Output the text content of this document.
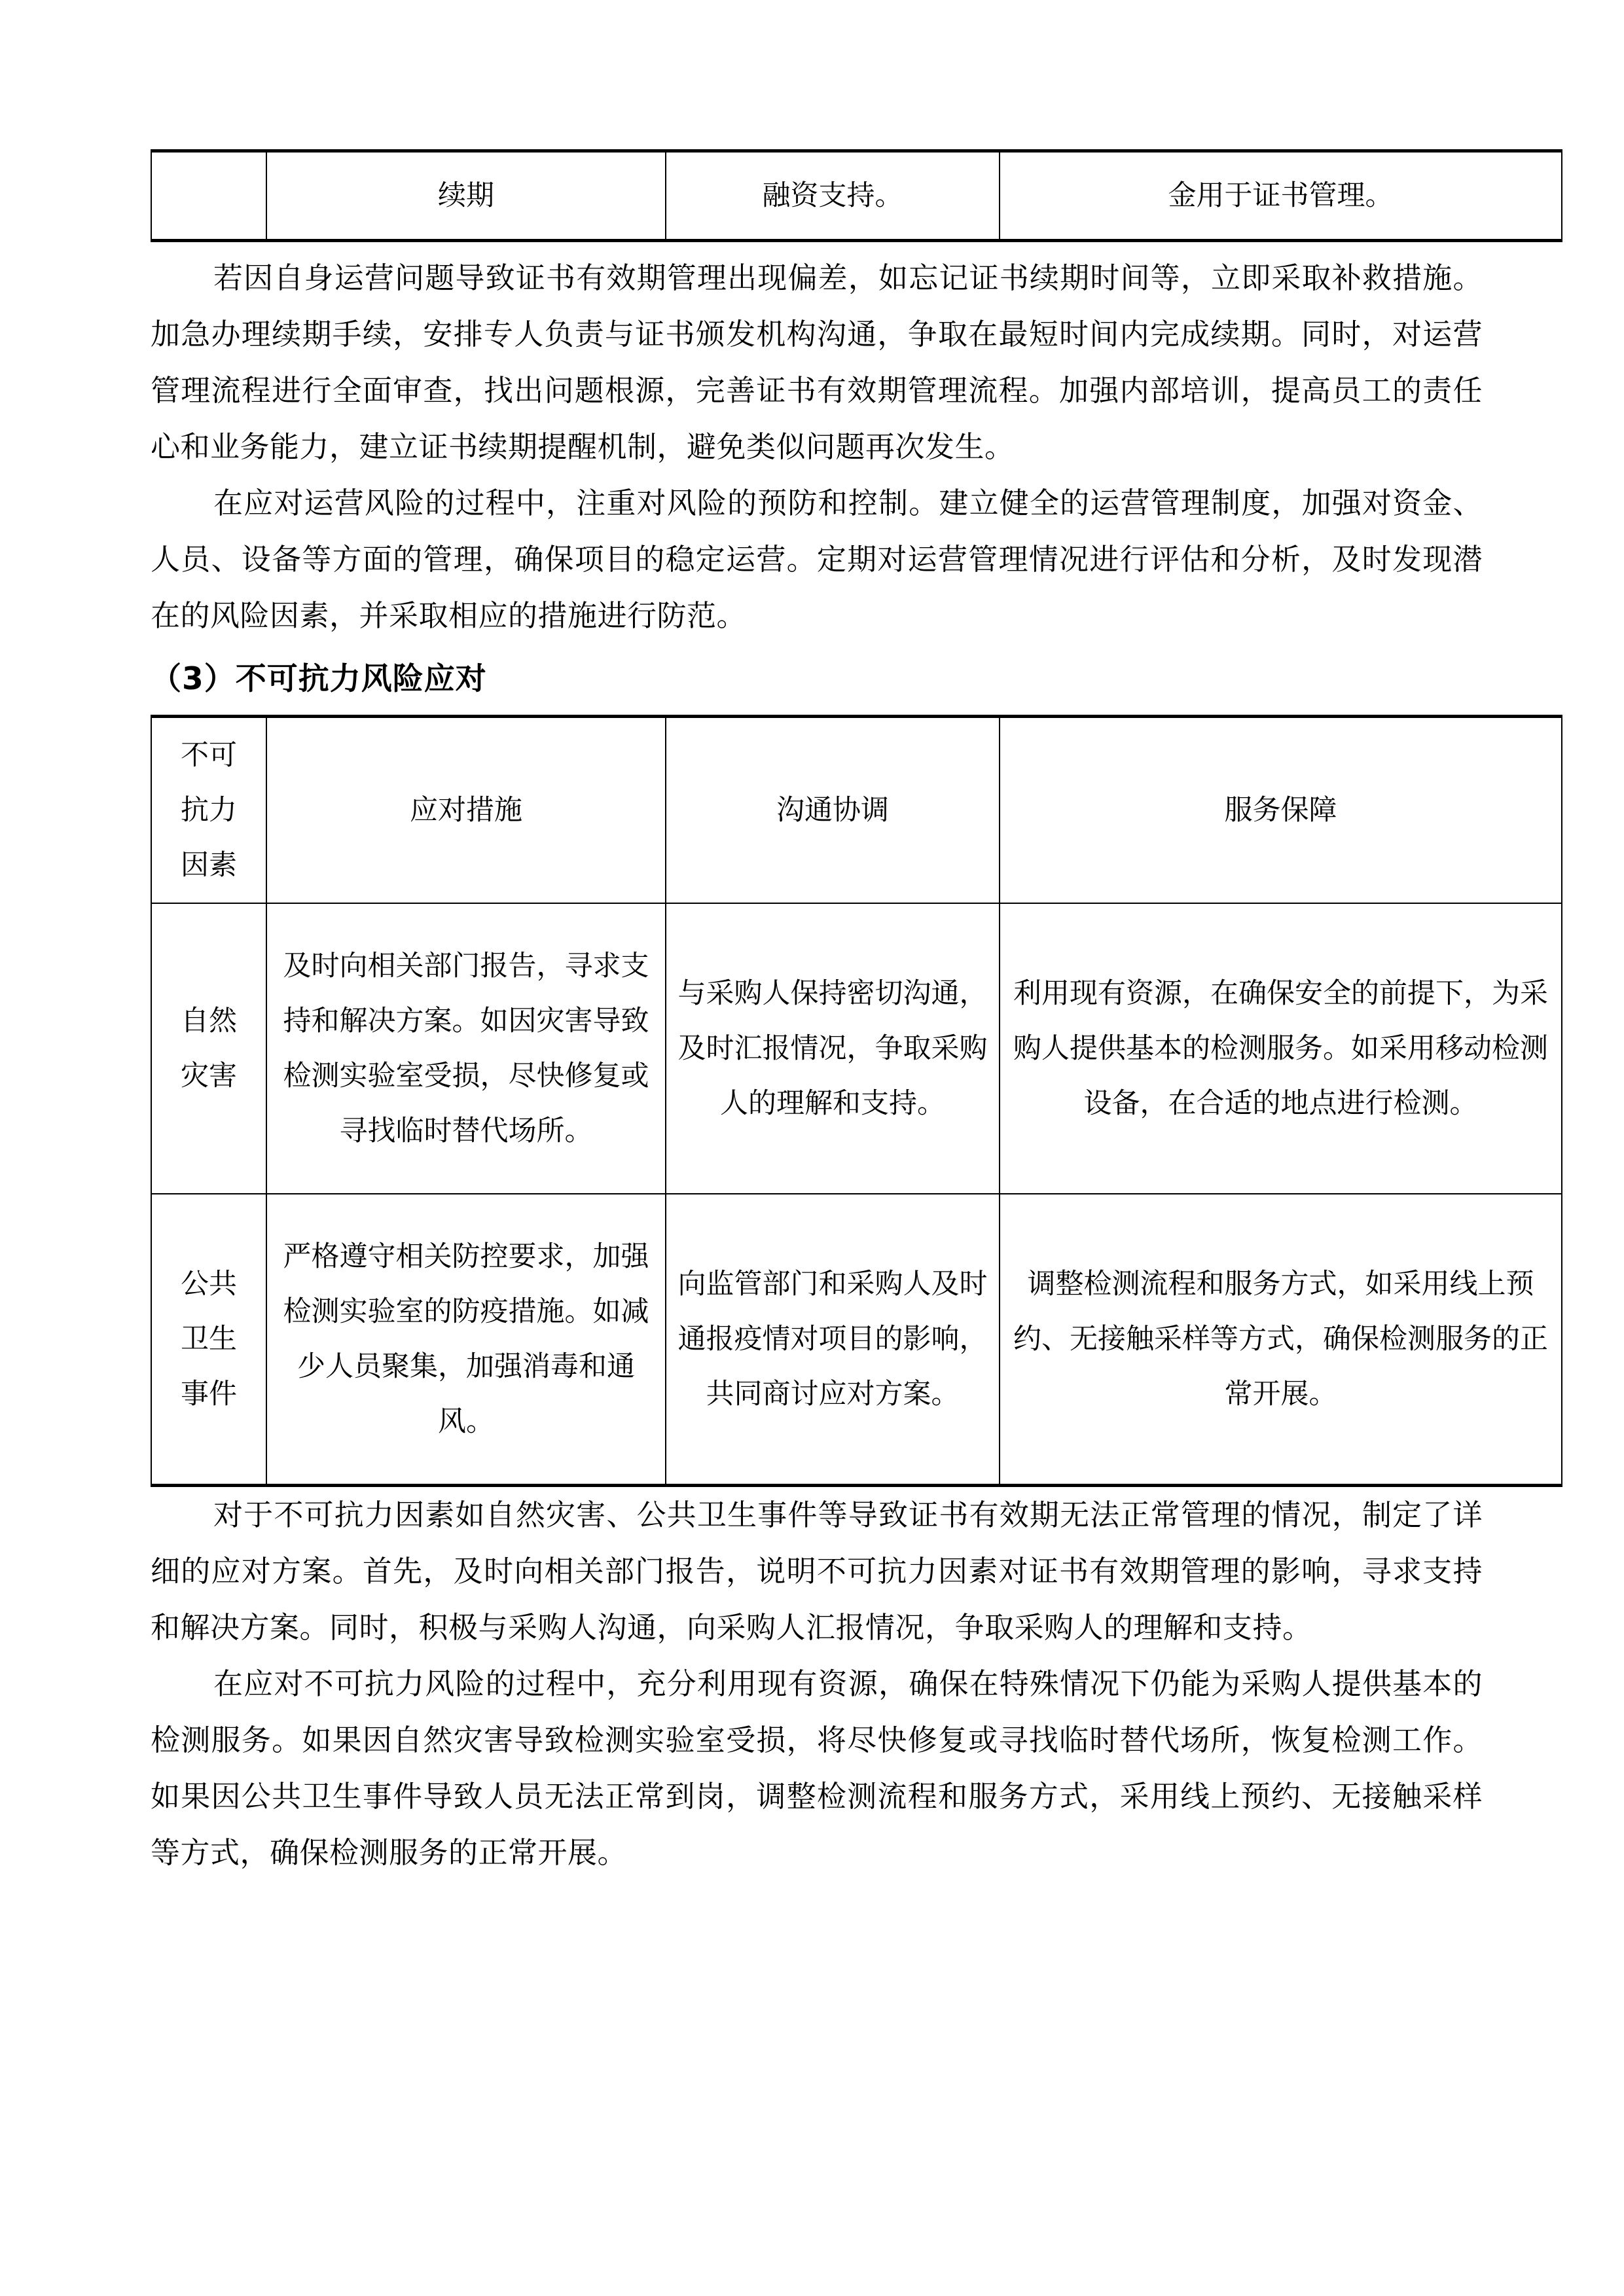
	续期	融资支持。	金用于证书管理。

若因自身运营问题导致证书有效期管理出现偏差，如忘记证书续期时间等，立即采取补救措施。加急办理续期手续，安排专人负责与证书颁发机构沟通，争取在最短时间内完成续期。同时，对运营管理流程进行全面审查，找出问题根源，完善证书有效期管理流程。加强内部培训，提高员工的责任心和业务能力，建立证书续期提醒机制，避免类似问题再次发生。

在应对运营风险的过程中，注重对风险的预防和控制。建立健全的运营管理制度，加强对资金、人员、设备等方面的管理，确保项目的稳定运营。定期对运营管理情况进行评估和分析，及时发现潜在的风险因素，并采取相应的措施进行防范。

（3）不可抗力风险应对
不可
抗力
因素	应对措施	沟通协调	服务保障
自然
灾害	及时向相关部门报告，寻求支持和解决方案。如因灾害导致检测实验室受损，尽快修复或寻找临时替代场所。	与采购人保持密切沟通，及时汇报情况，争取采购人的理解和支持。	利用现有资源，在确保安全的前提下，为采购人提供基本的检测服务。如采用移动检测设备，在合适的地点进行检测。
公共
卫生
事件	严格遵守相关防控要求，加强检测实验室的防疫措施。如减少人员聚集，加强消毒和通风。	向监管部门和采购人及时通报疫情对项目的影响，共同商讨应对方案。	调整检测流程和服务方式，如采用线上预约、无接触采样等方式，确保检测服务的正常开展。

对于不可抗力因素如自然灾害、公共卫生事件等导致证书有效期无法正常管理的情况，制定了详细的应对方案。首先，及时向相关部门报告，说明不可抗力因素对证书有效期管理的影响，寻求支持和解决方案。同时，积极与采购人沟通，向采购人汇报情况，争取采购人的理解和支持。

在应对不可抗力风险的过程中，充分利用现有资源，确保在特殊情况下仍能为采购人提供基本的检测服务。如果因自然灾害导致检测实验室受损，将尽快修复或寻找临时替代场所，恢复检测工作。如果因公共卫生事件导致人员无法正常到岗，调整检测流程和服务方式，采用线上预约、无接触采样等方式，确保检测服务的正常开展。
